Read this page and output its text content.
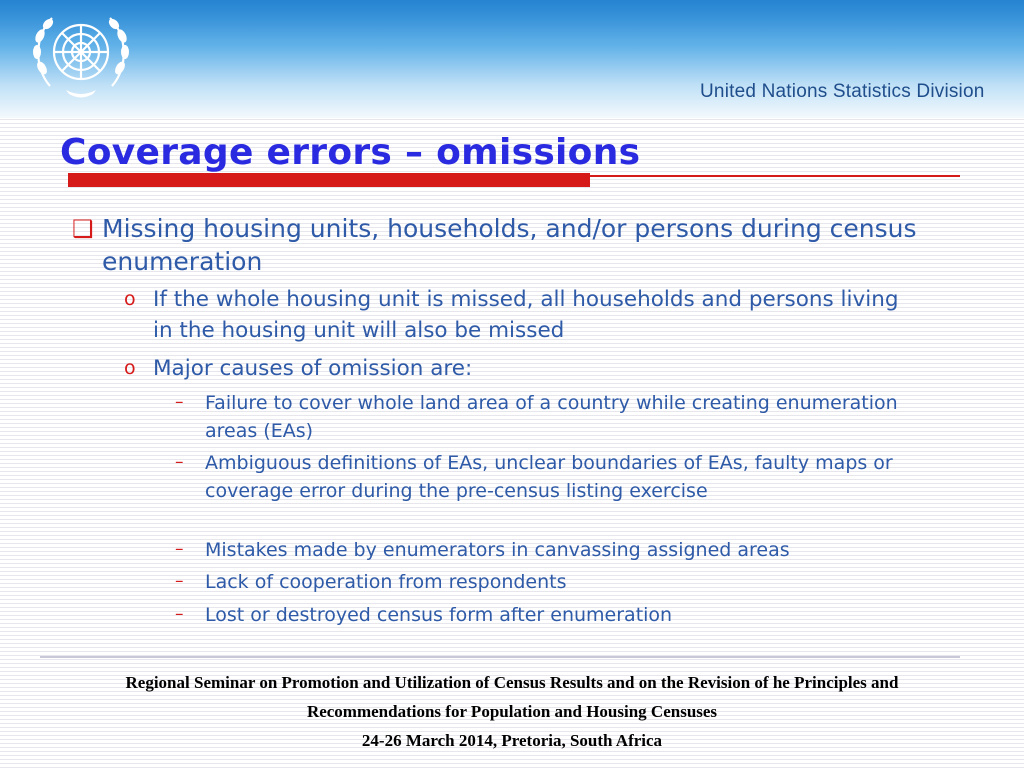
United Nations Statistics Division
Coverage errors – omissions
❑ Missing housing units, households, and/or persons during census enumeration
o If the whole housing unit is missed, all households and persons living in the housing unit will also be missed
o Major causes of omission are:
– Failure to cover whole land area of a country while creating enumeration areas (EAs)
– Ambiguous definitions of EAs, unclear boundaries of EAs, faulty maps or coverage error during the pre-census listing exercise
– Mistakes made by enumerators in canvassing assigned areas
– Lack of cooperation from respondents
– Lost or destroyed census form after enumeration
Regional Seminar on Promotion and Utilization of Census Results and on the Revision of he Principles and
Recommendations for Population and Housing Censuses
24-26 March 2014, Pretoria, South Africa
